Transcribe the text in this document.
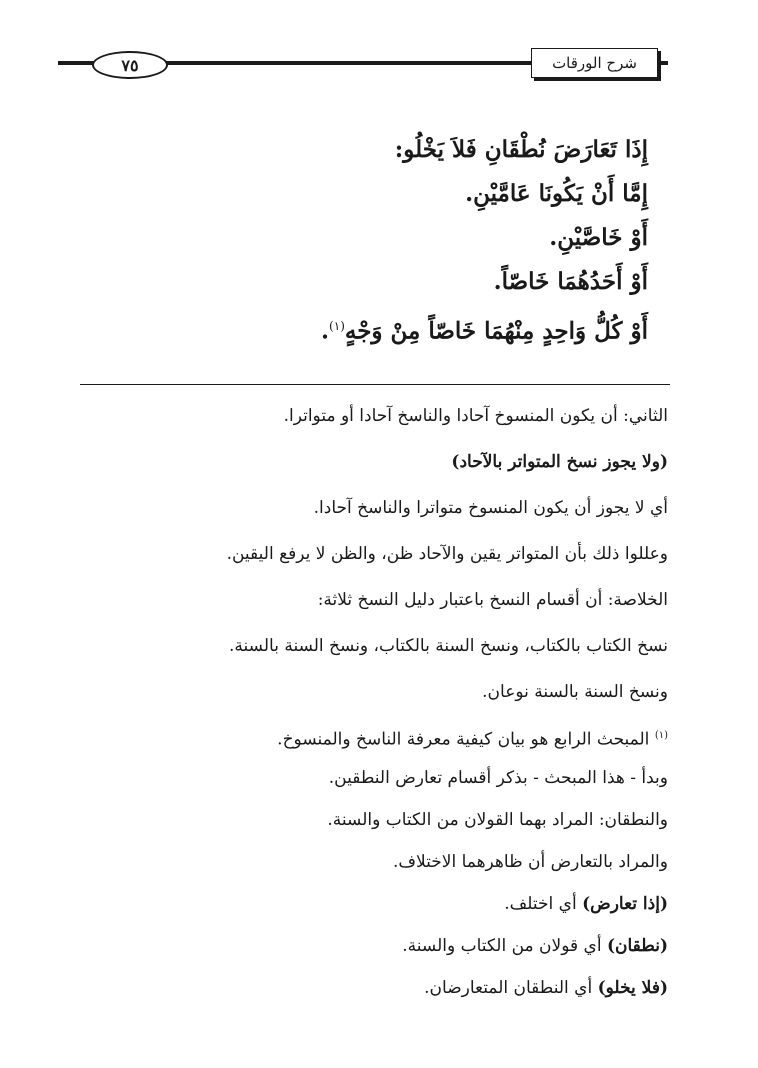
٧٥	شرح الورقات
إِذَا تَعَارَضَ نُطْقَانِ فَلاَ يَخْلُو:
إِمَّا أَنْ يَكُونَا عَامَّيْنِ.
أَوْ خَاصَّيْنِ.
أَوْ أَحَدُهُمَا خَاصّاً.
أَوْ كُلُّ وَاحِدٍ مِنْهُمَا خَاصّاً مِنْ وَجْهٍ$^{(١)}$.
الثاني: أن يكون المنسوخ آحادا والناسخ آحادا أو متواترا.
(ولا يجوز نسخ المتواتر بالآحاد)
أي لا يجوز أن يكون المنسوخ متواترا والناسخ آحادا.
وعللوا ذلك بأن المتواتر يقين والآحاد ظن، والظن لا يرفع اليقين.
الخلاصة: أن أقسام النسخ باعتبار دليل النسخ ثلاثة:
نسخ الكتاب بالكتاب، ونسخ السنة بالكتاب، ونسخ السنة بالسنة.
ونسخ السنة بالسنة نوعان.
$^{(١)}$ المبحث الرابع هو بيان كيفية معرفة الناسخ والمنسوخ.
وبدأ - هذا المبحث - بذكر أقسام تعارض النطقين.
والنطقان: المراد بهما القولان من الكتاب والسنة.
والمراد بالتعارض أن ظاهرهما الاختلاف.
(إذا تعارض) أي اختلف.
(نطقان) أي قولان من الكتاب والسنة.
(فلا يخلو) أي النطقان المتعارضان.
